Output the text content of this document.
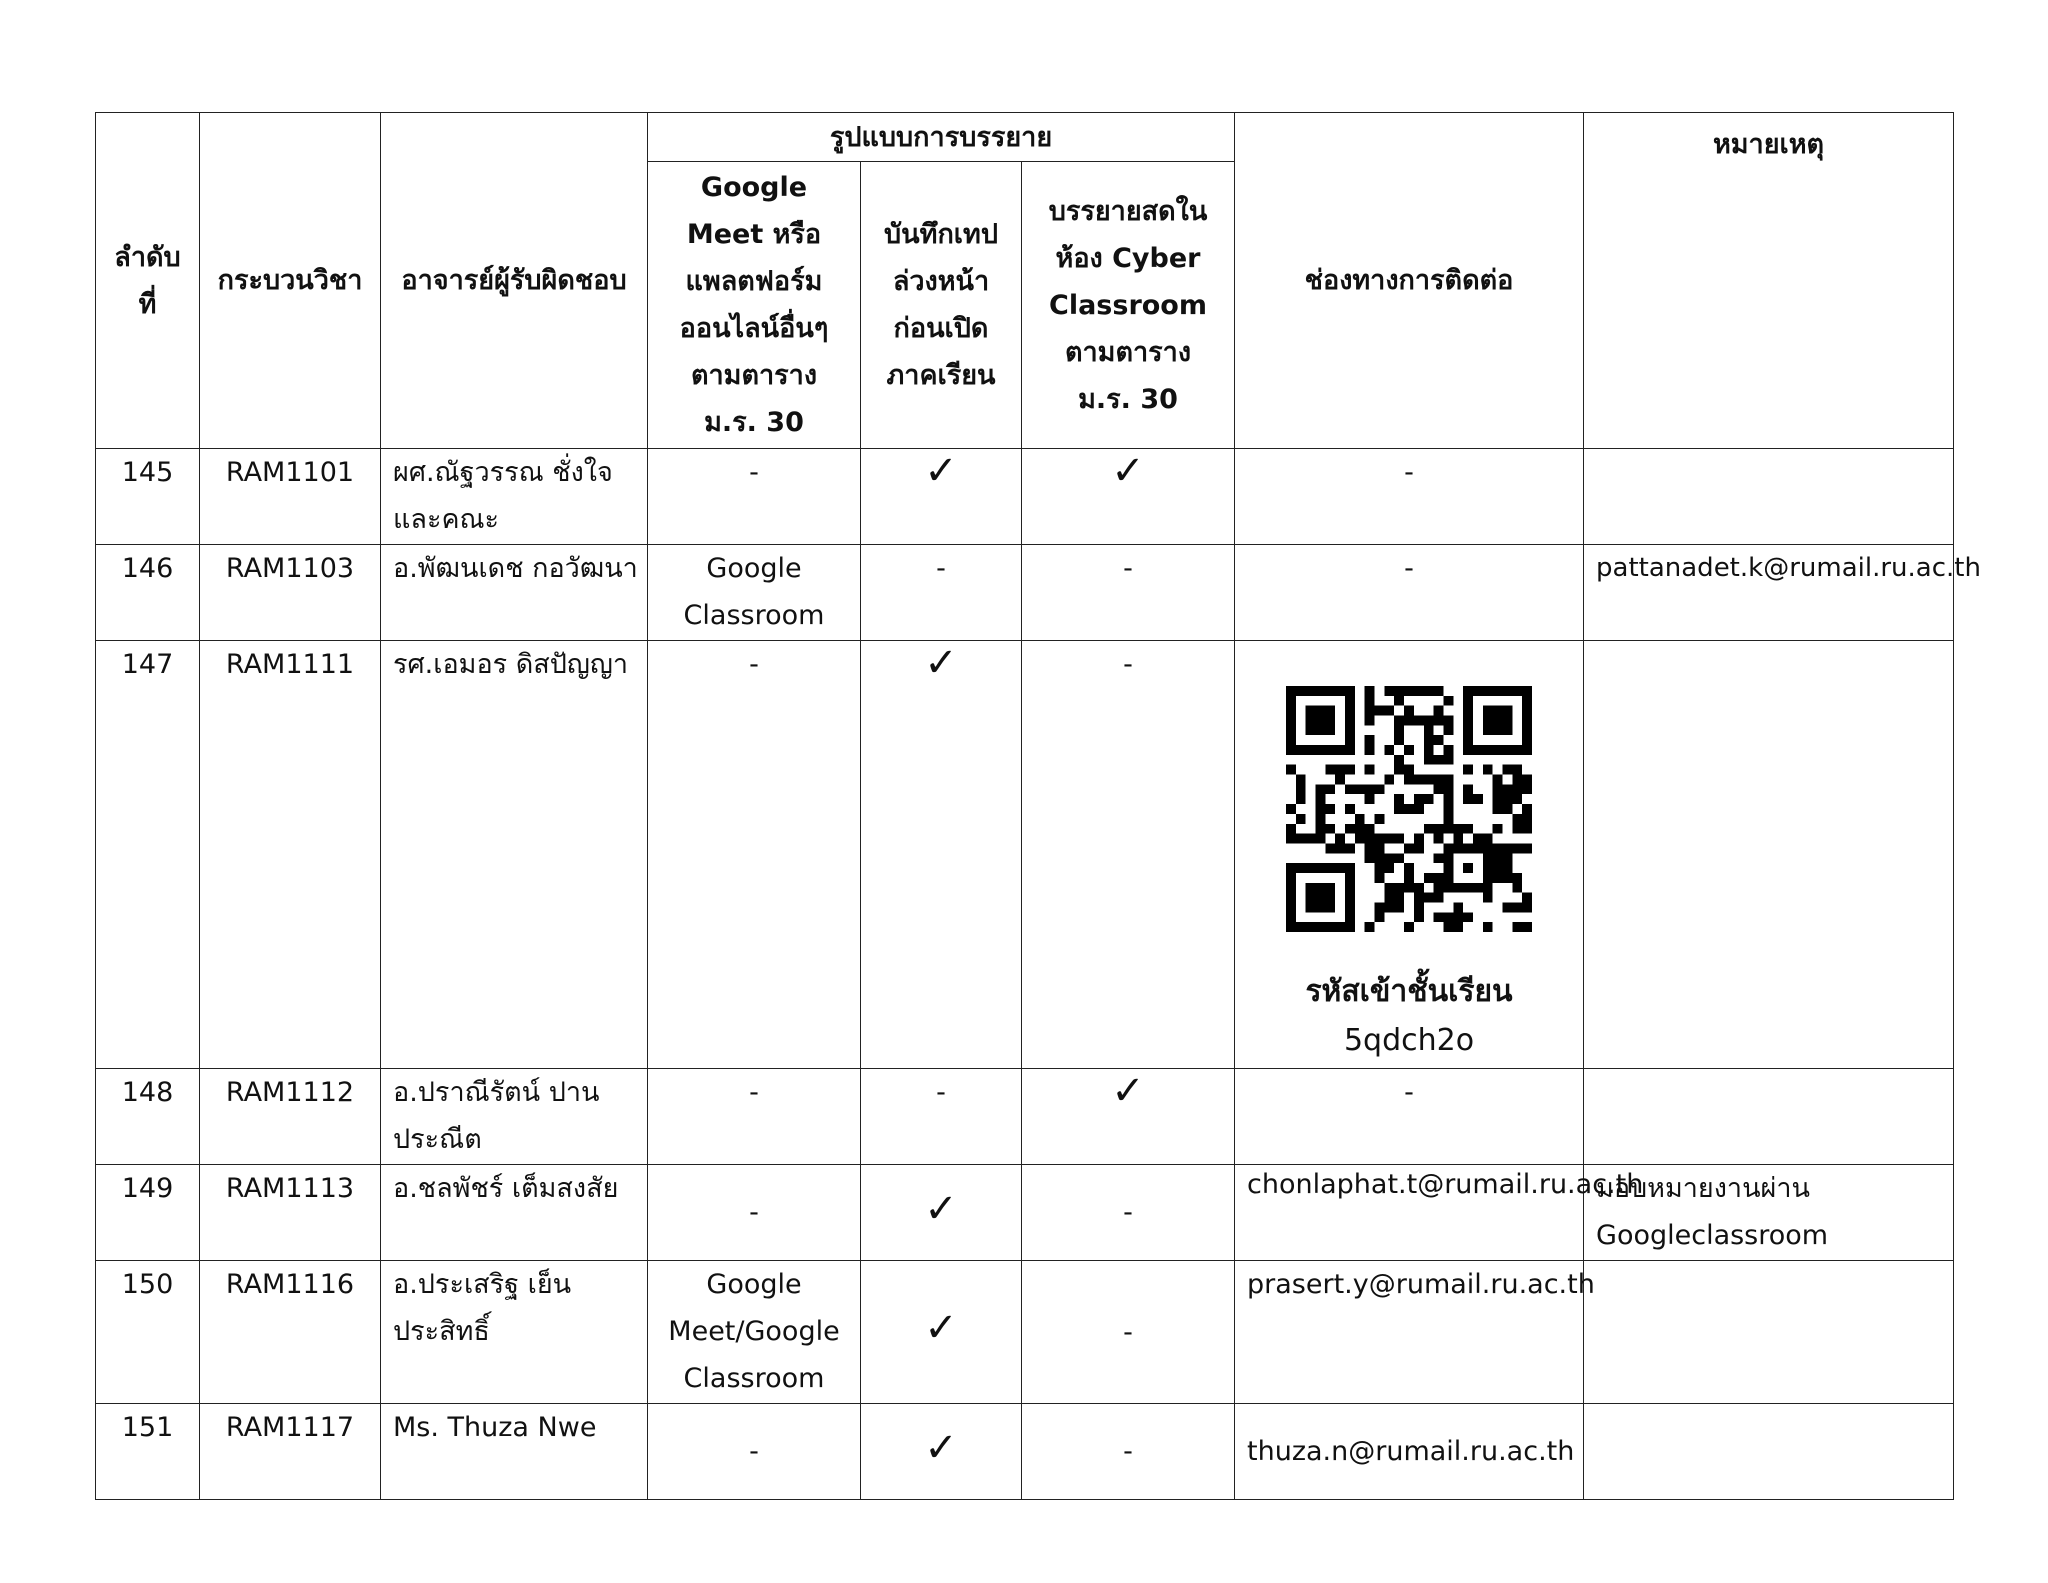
ลำดับ ที่	กระบวนวิชา	อาจารย์ผู้รับผิดชอบ	รูปแบบการบรรยาย			ช่องทางการติดต่อ	หมายเหตุ
			Google Meet หรือ แพลตฟอร์ม ออนไลน์อื่นๆ ตามตาราง ม.ร. 30	บันทึกเทป ล่วงหน้า ก่อนเปิด ภาคเรียน	บรรยายสดใน ห้อง Cyber Classroom ตามตาราง ม.ร. 30		
145	RAM1101	ผศ.ณัฐวรรณ ชั่งใจ และคณะ	-	✓	✓	-	
146	RAM1103	อ.พัฒนเดช กอวัฒนา	Google Classroom	-	-	-	pattanadet.k@rumail.ru.ac.th
147	RAM1111	รศ.เอมอร ดิสปัญญา	-	✓	-	รหัสเข้าชั้นเรียน
5qdch2o	

148	RAM1112	อ.ปราณีรัตน์ ปานประณีต	-	-	✓	-	
149	RAM1113	อ.ชลพัชร์ เต็มสงสัย	-	✓	-	chonlaphat.t@rumail.ru.ac.th	มอบหมายงานผ่าน Googleclassroom
150	RAM1116	อ.ประเสริฐ เย็นประสิทธิ์	Google Meet/Google Classroom	✓	-	prasert.y@rumail.ru.ac.th	
151	RAM1117	Ms. Thuza Nwe	-	✓	-	thuza.n@rumail.ru.ac.th	
